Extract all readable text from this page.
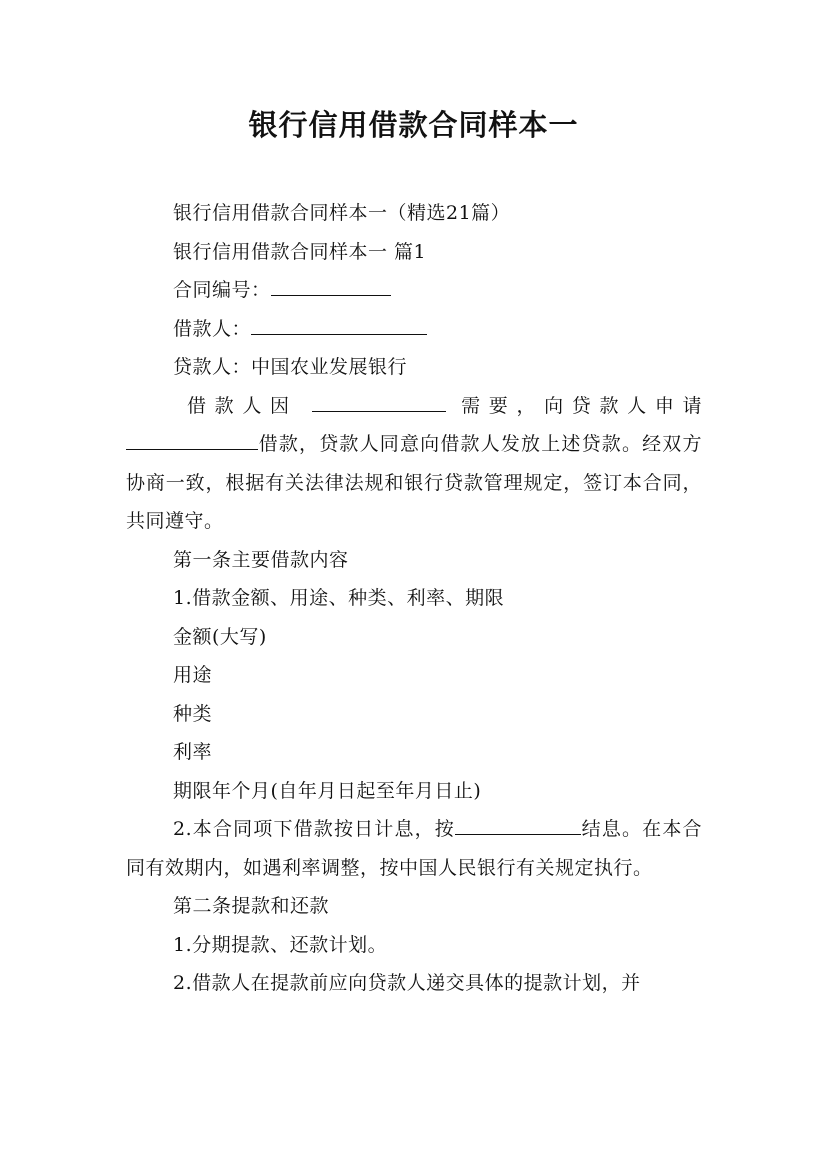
银行信用借款合同样本一

银行信用借款合同样本一（精选21篇）

银行信用借款合同样本一 篇1

合同编号：

借款人：

贷款人：中国农业发展银行

借款人因	需要，向贷款人申请

借款，贷款人同意向借款人发放上述贷款。经双方协商一致，根据有关法律法规和银行贷款管理规定，签订本合同，共同遵守。

第一条主要借款内容

1.借款金额、用途、种类、利率、期限

金额(大写)

用途

种类

利率

期限年个月(自年月日起至年月日止)

2.本合同项下借款按日计息，按	结息。在本合同有效期内，如遇利率调整，按中国人民银行有关规定执行。

第二条提款和还款

1.分期提款、还款计划。

2.借款人在提款前应向贷款人递交具体的提款计划，并
